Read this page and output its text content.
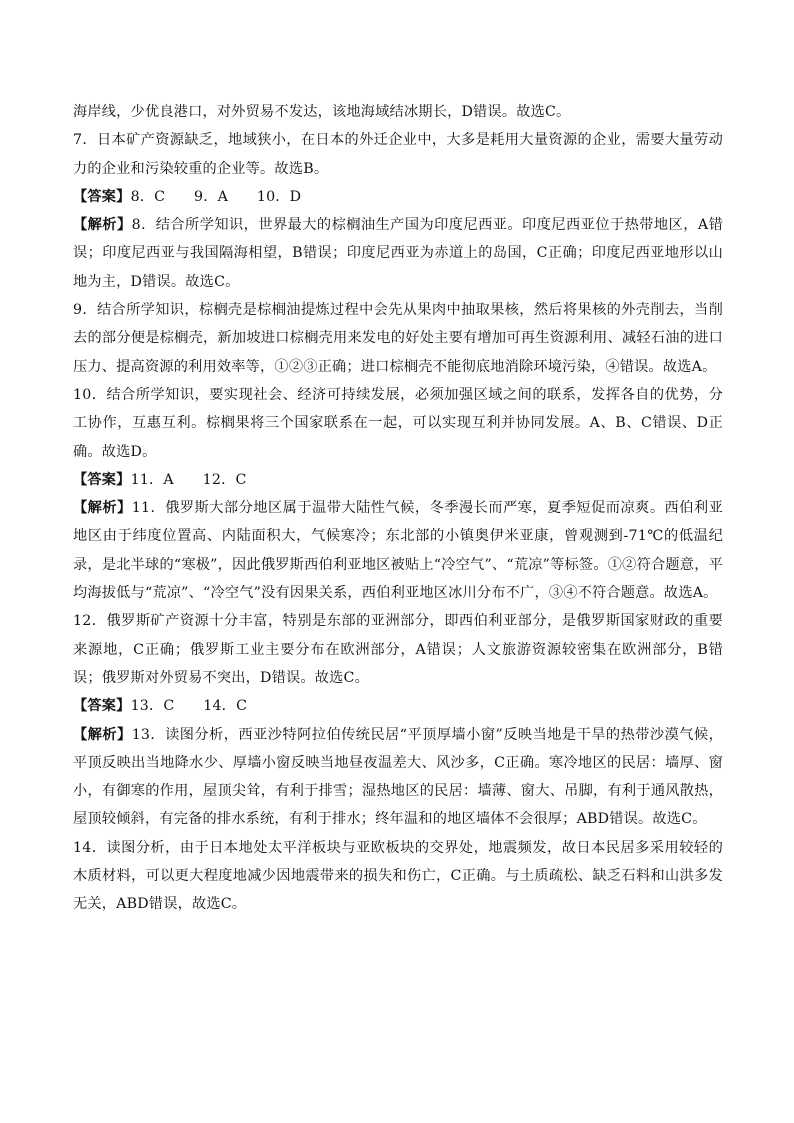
海岸线，少优良港口，对外贸易不发达，该地海域结冰期长，D错误。故选C。

7．日本矿产资源缺乏，地域狭小，在日本的外迁企业中，大多是耗用大量资源的企业，需要大量劳动力的企业和污染较重的企业等。故选B。

【答案】8．C　　9．A　　10．D

【解析】8．结合所学知识，世界最大的棕榈油生产国为印度尼西亚。印度尼西亚位于热带地区，A错误；印度尼西亚与我国隔海相望，B错误；印度尼西亚为赤道上的岛国，C正确；印度尼西亚地形以山地为主，D错误。故选C。

9．结合所学知识，棕榈壳是棕榈油提炼过程中会先从果肉中抽取果核，然后将果核的外壳削去，当削去的部分便是棕榈壳，新加坡进口棕榈壳用来发电的好处主要有增加可再生资源利用、减轻石油的进口压力、提高资源的利用效率等，①②③正确；进口棕榈壳不能彻底地消除环境污染，④错误。故选A。

10．结合所学知识，要实现社会、经济可持续发展，必须加强区域之间的联系，发挥各自的优势，分工协作，互惠互利。棕榈果将三个国家联系在一起，可以实现互利并协同发展。A、B、C错误、D正确。故选D。

【答案】11．A　　12．C

【解析】11．俄罗斯大部分地区属于温带大陆性气候，冬季漫长而严寒，夏季短促而凉爽。西伯利亚地区由于纬度位置高、内陆面积大，气候寒冷；东北部的小镇奥伊米亚康，曾观测到-71℃的低温纪录，是北半球的“寒极”，因此俄罗斯西伯利亚地区被贴上“冷空气”、“荒凉”等标签。①②符合题意，平均海拔低与“荒凉”、“冷空气”没有因果关系，西伯利亚地区冰川分布不广，③④不符合题意。故选A。

12．俄罗斯矿产资源十分丰富，特别是东部的亚洲部分，即西伯利亚部分，是俄罗斯国家财政的重要来源地，C正确；俄罗斯工业主要分布在欧洲部分，A错误；人文旅游资源较密集在欧洲部分，B错误；俄罗斯对外贸易不突出，D错误。故选C。

【答案】13．C　　14．C

【解析】13．读图分析，西亚沙特阿拉伯传统民居“平顶厚墙小窗”反映当地是干旱的热带沙漠气候，平顶反映出当地降水少、厚墙小窗反映当地昼夜温差大、风沙多，C正确。寒冷地区的民居：墙厚、窗小，有御寒的作用，屋顶尖耸，有利于排雪；湿热地区的民居：墙薄、窗大、吊脚，有利于通风散热，屋顶较倾斜，有完备的排水系统，有利于排水；终年温和的地区墙体不会很厚；ABD错误。故选C。

14．读图分析，由于日本地处太平洋板块与亚欧板块的交界处，地震频发，故日本民居多采用较轻的木质材料，可以更大程度地减少因地震带来的损失和伤亡，C正确。与土质疏松、缺乏石料和山洪多发无关，ABD错误，故选C。
